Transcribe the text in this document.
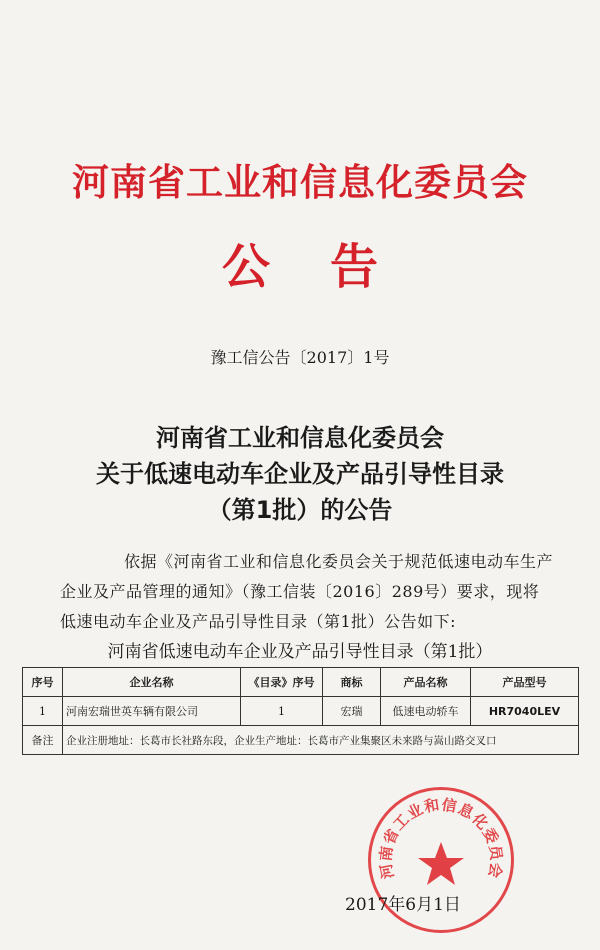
河南省工业和信息化委员会
公告
豫工信公告〔2017〕1号
河南省工业和信息化委员会
关于低速电动车企业及产品引导性目录
（第1批）的公告
依据《河南省工业和信息化委员会关于规范低速电动车生产
企业及产品管理的通知》（豫工信装〔2016〕289号）要求，现将
低速电动车企业及产品引导性目录（第1批）公告如下:
河南省低速电动车企业及产品引导性目录（第1批）
序号	企业名称	《目录》序号	商标	产品名称	产品型号
1	河南宏瑞世英车辆有限公司	1	宏瑞	低速电动轿车	HR7040LEV
备注	企业注册地址：长葛市长社路东段，企业生产地址：长葛市产业集聚区未来路与嵩山路交叉口				
河南省工业和信息化委员会
2017年6月1日
